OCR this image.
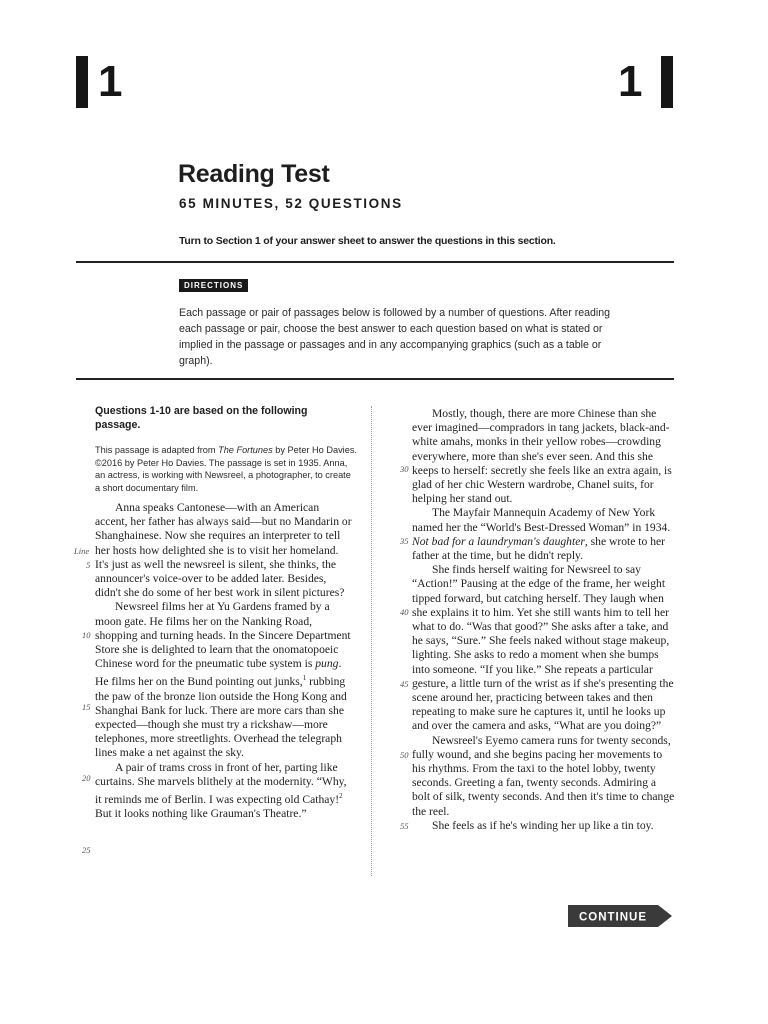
1	1
Reading Test
65 MINUTES, 52 QUESTIONS
Turn to Section 1 of your answer sheet to answer the questions in this section.
DIRECTIONS
Each passage or pair of passages below is followed by a number of questions. After reading each passage or pair, choose the best answer to each question based on what is stated or implied in the passage or passages and in any accompanying graphics (such as a table or graph).
Questions 1-10 are based on the following passage.
This passage is adapted from The Fortunes by Peter Ho Davies. ©2016 by Peter Ho Davies. The passage is set in 1935. Anna, an actress, is working with Newsreel, a photographer, to create a short documentary film.

Anna speaks Cantonese—with an American accent, her father has always said—but no Mandarin or Shanghainese. Now she requires an interpreter to tell her hosts how delighted she is to visit her homeland. It's just as well the newsreel is silent, she thinks, the announcer's voice-over to be added later. Besides, didn't she do some of her best work in silent pictures?

Newsreel films her at Yu Gardens framed by a moon gate. He films her on the Nanking Road, shopping and turning heads. In the Sincere Department Store she is delighted to learn that the onomatopoeic Chinese word for the pneumatic tube system is pung. He films her on the Bund pointing out junks,$^1$ rubbing the paw of the bronze lion outside the Hong Kong and Shanghai Bank for luck. There are more cars than she expected—though she must try a rickshaw—more telephones, more streetlights. Overhead the telegraph lines make a net against the sky.

A pair of trams cross in front of her, parting like curtains. She marvels blithely at the modernity. “Why, it reminds me of Berlin. I was expecting old Cathay!$^2$ But it looks nothing like Grauman's Theatre.”

Line
5
10
15
20
25

Mostly, though, there are more Chinese than she ever imagined—compradors in tang jackets, black-and-white amahs, monks in their yellow robes—crowding everywhere, more than she's ever seen. And this she keeps to herself: secretly she feels like an extra again, is glad of her chic Western wardrobe, Chanel suits, for helping her stand out.

The Mayfair Mannequin Academy of New York named her the “World's Best-Dressed Woman” in 1934. Not bad for a laundryman's daughter, she wrote to her father at the time, but he didn't reply.

She finds herself waiting for Newsreel to say “Action!” Pausing at the edge of the frame, her weight tipped forward, but catching herself. They laugh when she explains it to him. Yet she still wants him to tell her what to do. “Was that good?” She asks after a take, and he says, “Sure.” She feels naked without stage makeup, lighting. She asks to redo a moment when she bumps into someone. “If you like.” She repeats a particular gesture, a little turn of the wrist as if she's presenting the scene around her, practicing between takes and then repeating to make sure he captures it, until he looks up and over the camera and asks, “What are you doing?”

Newsreel's Eyemo camera runs for twenty seconds, fully wound, and she begins pacing her movements to his rhythms. From the taxi to the hotel lobby, twenty seconds. Greeting a fan, twenty seconds. Admiring a bolt of silk, twenty seconds. And then it's time to change the reel.

She feels as if he's winding her up like a tin toy.

30
35
40
45
50
55
CONTINUE
